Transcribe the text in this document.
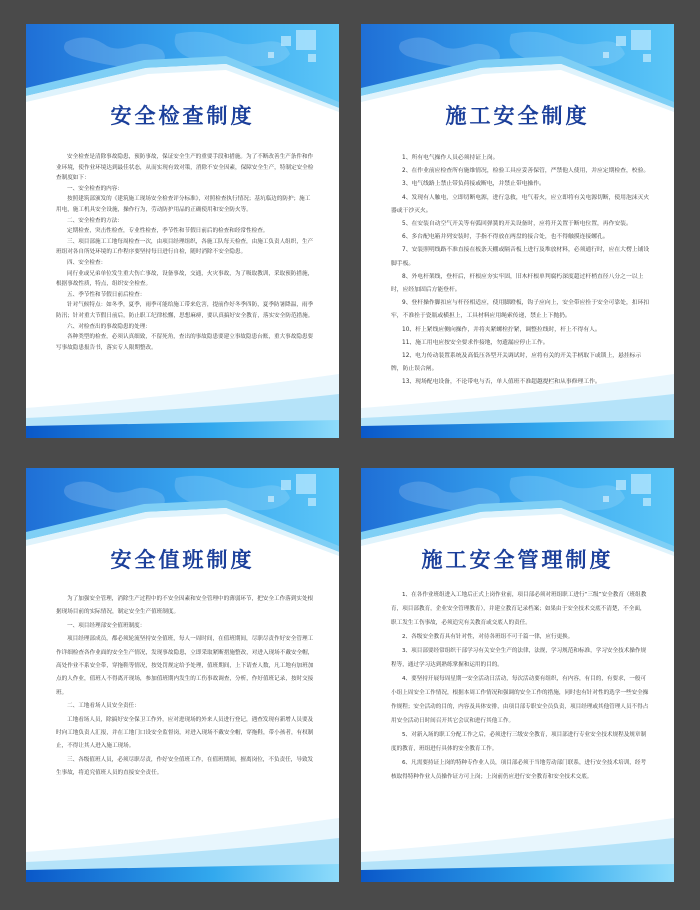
安全检查制度

安全检查是清除事故隐患，预防事故，保证安全生产的重要手段和措施。为了不断改善生产条件和作业环境，使作业环境达到最佳状态，从而实现有效对策，消除不安全因素，保障安全生产，特制定安全检查制度如下：

一、安全检查的内容：

按照建筑部颁发的《建筑施工现场安全检查评分标准》，对照检查执行情况；基坑临边的防护；施工用电，施工机具安全设施，操作行为，劳动防护用品的正确使用和安全防火等。

二、安全检查的方法：

定期检查，突击性检查，专业性检查，季节性和节假日前后的检查和经常性检查。

三、项目部施工工地每周检查一次，由项目经理组织，各施工队每天检查，由施工负责人组织，生产班组对各自所处环境的工作程序要坚持每日进行自检，随时消除不安全隐患。

四、安全检查：

同行业或兄弟单位发生重大伤亡事故，设备事故，交通，火灾事故，为了吸取教训，采取预防措施，根据事故性质，特点，组织安全检查。

五、季节性和节假日前后检查：

针对气候特点：如冬季，夏季，雨季可能给施工带来危害，提前作好冬季四防，夏季防暑降温，雨季防汛；针对重大节假日前后，防止职工纪律松懈，思想麻痹，要认真搞好安全教育，落实安全防范措施。

六、对检查出的事故隐患的处理：

各种类型的检查，必须认真细致，不留死角，查出的事故隐患要建立事故隐患台账，重大事故隐患要写事故隐患报告书，落实专人限期整改。

施工安全制度

1、所有电气操作人员必须持证上岗。

2、在作业前应检查所有施维情况，检验工具应妥善保管，严禁他人使用，并应定期检查，校验。

3、电气线路上禁止带负荷接或断电，并禁止带电操作。

4、发现有人触电，立即切断电源，进行急救，电气着火，应立即将有关电源切断，使用泡沫灭火器或干沙灭火。

5、在安装自动空气开关等有弧回弹簧的开关设备时，应将开关置于断电位置，再作安装。

6、多台配电箱并列安装时，手指不得放在两盘的接合处，也不得触摸连接螺孔。

7、安装照明线路不准直接在板条天棚或隔音板上进行及堆放材料，必须通行时，应在大楞上铺设脚手板。

8、外电杆架线，登杆后，杆根应夯实牢固，旧木杆根单判腐朽深度超过杆梢直径八分之一以上时，应经加固后方能登杆。

9、登杆操作脚扣应与杆径相适应，使用脚蹬板，钩子应向上，安全带应拴于安全可靠处，扣环扣牢，不准拴于瓷瓶或横担上，工具材料应用绳索传递，禁止上下抛扔。

10、杆上紧线应侧向操作，并将夹紧螺栓拧紧，调整拉线时，杆上不得有人。

11、施工用电应按安全要求作接地，勿遗漏应停止工作。

12、电力传动装置系统及高低压各型开关调试时，应将有关的开关手柄取下或锁上，悬挂标示牌，防止误合闸。

13、现场配电设备，不论带电与否，单人值班不准超越提栏和从事修理工作。

安全值班制度

为了加强安全管理，消除生产过程中的不安全因素和安全管理中的薄弱环节，把安全工作落到实处根据现场目前的实际情况，制定安全生产值班制度。

一、项目经理部安全值班制度：

项目经理部成员，都必须轮流坚持安全值班，每人一周时间，在值班期间，尽职尽责作好安全管理工作详细检查各作业面的安全生产情况，发现事故隐患，立即采取紧断措施整改，对进入现场不戴安全帽，高处作业不系安全带，穿拖鞋等情况，按处罚规定给予处理，值班期间，上下请查人数，凡工地有加班加点的人作业，值班人不得离开现场，参加值班期内发生的工伤事故调查，分析，作好值班记录，按时交接班。

二、工地看场人员安全责任：

工地看场人员，除搞好安全保卫工作外，应对进现场的外来人员进行登记，遇查发现有新增人员要及时向工地负责人汇报，并在工地门口设安全监督岗，对进入现场不戴安全帽，穿拖鞋，带小孩者，有权制止，不得让其人进入施工现场。

三、各级值班人员，必须尽职尽责，作好安全值班工作，在值班期间，擅离岗位，不负责任，导致发生事故，将追究值班人员的直接安全责任。

施工安全管理制度

1、在各作业班组进入工地后正式上岗作业前，项目部必须对班组职工进行“三级”安全教育（班组教育，项目部教育，企业安全管理教育），并建立教育记录档案；如果由于安全技术交底不清楚，不全面，职工发生工伤事故，必须追究有关教育或交底人的责任。

2、各级安全教育具有针对性，对待各班组不可千篇一律，应行更换。

3、项目部要经常组织干部学习有关安全生产的法律，法规，学习规范和标准，学习安全技术操作规程等，通过学习达到熟练掌握和运用的目的。

4、要坚持开展每周星期一安全活动日活动，每次活动要有组织，有内容，有目的，有要求，一般可小组上周安全工作情况，根据本周工作情况和强调的安全工作的措施，同时也有针对性的选学一些安全操作规程；安全活动的目的，内容及具体安排，由项目部专职安全员负责，项目经理或其他管理人员不得占用安全活动日时间召开其它会议和进行其他工作。

5、对新入场的职工分配工作之后，必须进行三级安全教育，项目部进行专业安全技术规程及规章制度的教育，班组进行具体的安全教育工作。

6、凡需要持证上岗的特种专作业人员，项目部必须于当地劳动部门联系，进行安全技术培训，经考核取得特种作业人员操作证方可上岗；上岗前仍应进行安全教育和安全技术交底。
